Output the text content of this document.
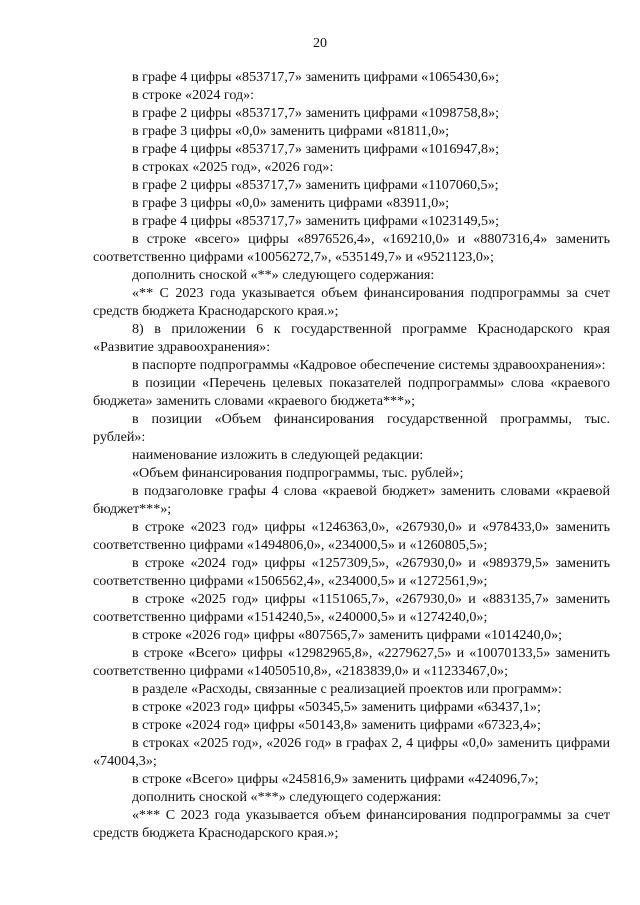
20

в графе 4 цифры «853717,7» заменить цифрами «1065430,6»;

в строке «2024 год»:

в графе 2 цифры «853717,7» заменить цифрами «1098758,8»;

в графе 3 цифры «0,0» заменить цифрами «81811,0»;

в графе 4 цифры «853717,7» заменить цифрами «1016947,8»;

в строках «2025 год», «2026 год»:

в графе 2 цифры «853717,7» заменить цифрами «1107060,5»;

в графе 3 цифры «0,0» заменить цифрами «83911,0»;

в графе 4 цифры «853717,7» заменить цифрами «1023149,5»;

в строке «всего» цифры «8976526,4», «169210,0» и «8807316,4» заменить соответственно цифрами «10056272,7», «535149,7» и «9521123,0»;

дополнить сноской «**» следующего содержания:

«** С 2023 года указывается объем финансирования подпрограммы за счет средств бюджета Краснодарского края.»;

8) в приложении 6 к государственной программе Краснодарского края «Развитие здравоохранения»:

в паспорте подпрограммы «Кадровое обеспечение системы здравоохранения»:

в позиции «Перечень целевых показателей подпрограммы» слова «краевого бюджета» заменить словами «краевого бюджета***»;

в позиции «Объем финансирования государственной программы, тыс. рублей»:

наименование изложить в следующей редакции:

«Объем финансирования подпрограммы, тыс. рублей»;

в подзаголовке графы 4 слова «краевой бюджет» заменить словами «краевой бюджет***»;

в строке «2023 год» цифры «1246363,0», «267930,0» и «978433,0» заменить соответственно цифрами «1494806,0», «234000,5» и «1260805,5»;

в строке «2024 год» цифры «1257309,5», «267930,0» и «989379,5» заменить соответственно цифрами «1506562,4», «234000,5» и «1272561,9»;

в строке «2025 год» цифры «1151065,7», «267930,0» и «883135,7» заменить соответственно цифрами «1514240,5», «240000,5» и «1274240,0»;

в строке «2026 год» цифры «807565,7» заменить цифрами «1014240,0»;

в строке «Всего» цифры «12982965,8», «2279627,5» и «10070133,5» заменить соответственно цифрами «14050510,8», «2183839,0» и «11233467,0»;

в разделе «Расходы, связанные с реализацией проектов или программ»:

в строке «2023 год» цифры «50345,5» заменить цифрами «63437,1»;

в строке «2024 год» цифры «50143,8» заменить цифрами «67323,4»;

в строках «2025 год», «2026 год» в графах 2, 4 цифры «0,0» заменить цифрами «74004,3»;

в строке «Всего» цифры «245816,9» заменить цифрами «424096,7»;

дополнить сноской «***» следующего содержания:

«*** С 2023 года указывается объем финансирования подпрограммы за счет средств бюджета Краснодарского края.»;
